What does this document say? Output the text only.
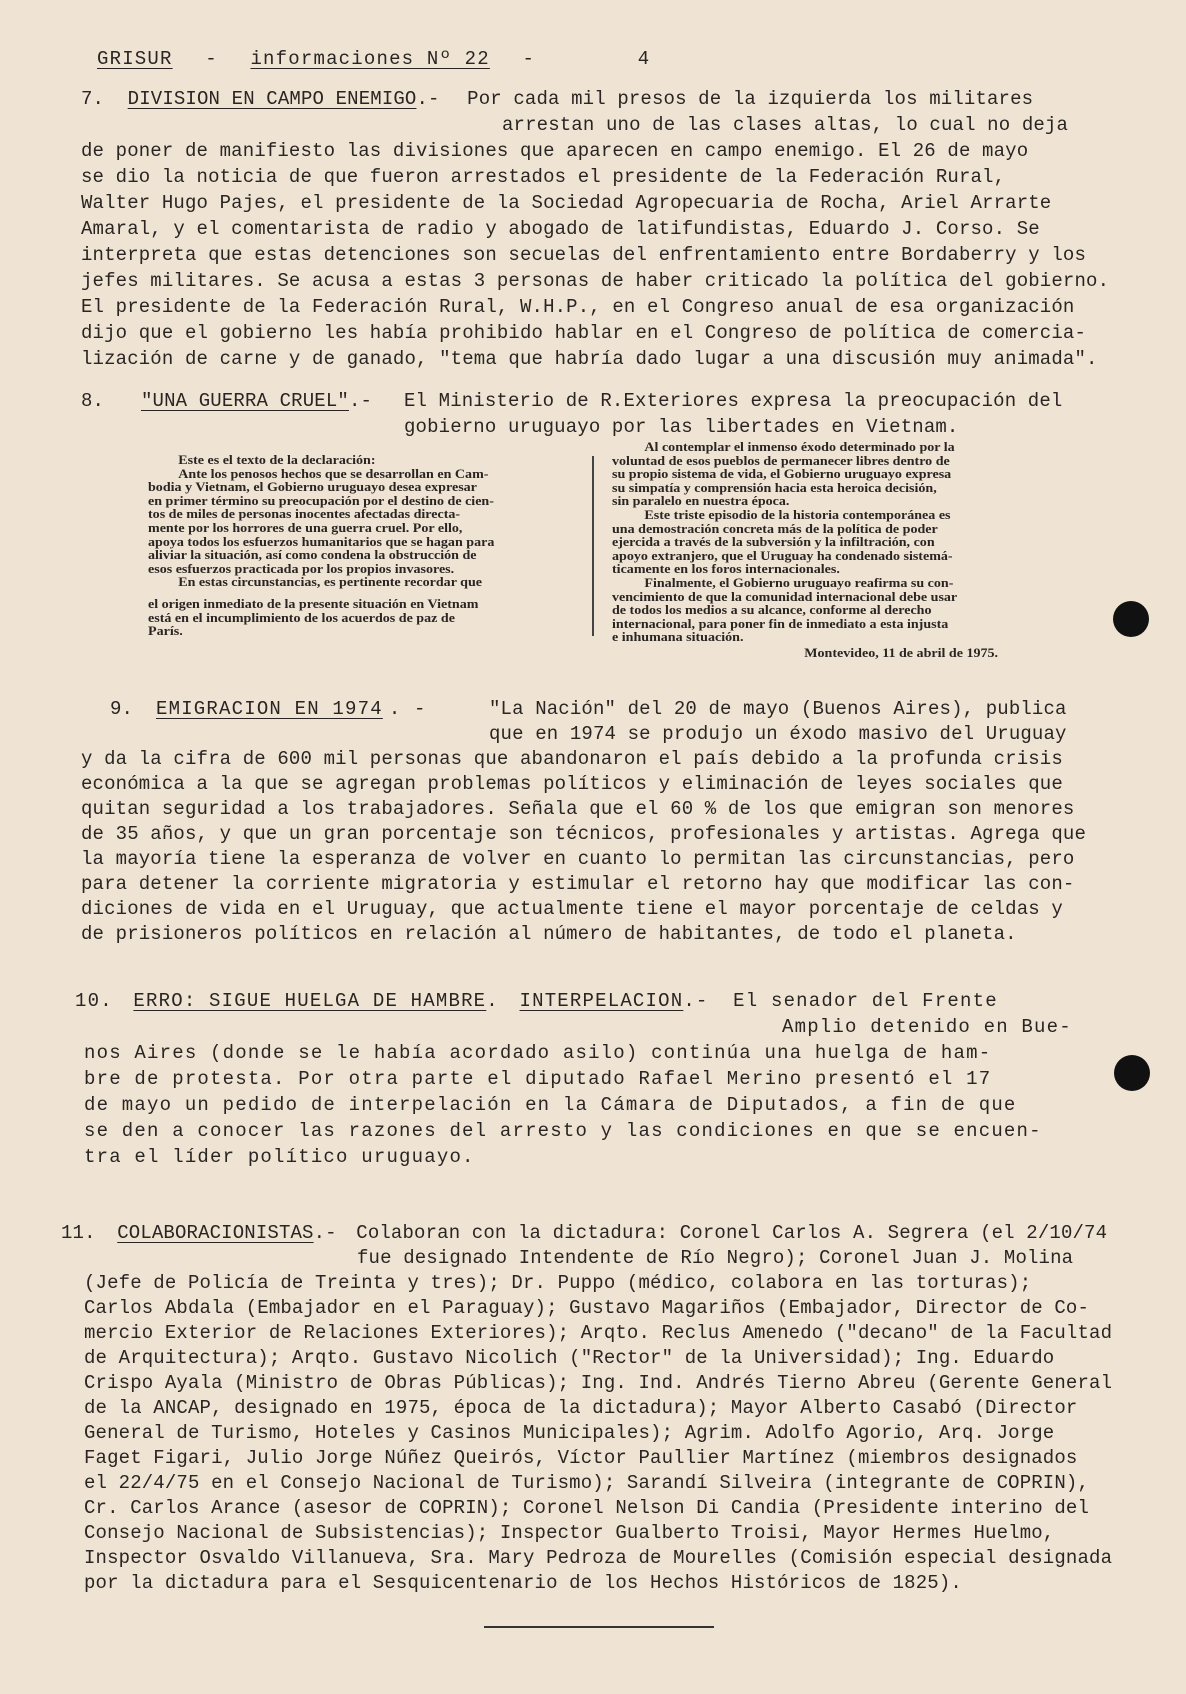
GRISUR - informaciones Nº 22 -	4
7. DIVISION EN CAMPO ENEMIGO.- Por cada mil presos de la izquierda los militares
arrestan uno de las clases altas, lo cual no deja
de poner de manifiesto las divisiones que aparecen en campo enemigo. El 26 de mayo
se dio la noticia de que fueron arrestados el presidente de la Federación Rural,
Walter Hugo Pajes, el presidente de la Sociedad Agropecuaria de Rocha, Ariel Arrarte
Amaral, y el comentarista de radio y abogado de latifundistas, Eduardo J. Corso. Se
interpreta que estas detenciones son secuelas del enfrentamiento entre Bordaberry y los
jefes militares. Se acusa a estas 3 personas de haber criticado la política del gobierno.
El presidente de la Federación Rural, W.H.P., en el Congreso anual de esa organización
dijo que el gobierno les había prohibido hablar en el Congreso de política de comercia-
lización de carne y de ganado, "tema que habría dado lugar a una discusión muy animada".
8. "UNA GUERRA CRUEL".- El Ministerio de R.Exteriores expresa la preocupación del
gobierno uruguayo por las libertades en Vietnam.
Este es el texto de la declaración:
Ante los penosos hechos que se desarrollan en Cam-
bodia y Vietnam, el Gobierno uruguayo desea expresar
en primer término su preocupación por el destino de cien-
tos de miles de personas inocentes afectadas directa-
mente por los horrores de una guerra cruel. Por ello,
apoya todos los esfuerzos humanitarios que se hagan para
aliviar la situación, así como condena la obstrucción de
esos esfuerzos practicada por los propios invasores.
En estas circunstancias, es pertinente recordar que
el origen inmediato de la presente situación en Vietnam
está en el incumplimiento de los acuerdos de paz de
París.
Al contemplar el inmenso éxodo determinado por la
voluntad de esos pueblos de permanecer libres dentro de
su propio sistema de vida, el Gobierno uruguayo expresa
su simpatía y comprensión hacia esta heroica decisión,
sin paralelo en nuestra época.
Este triste episodio de la historia contemporánea es
una demostración concreta más de la política de poder
ejercida a través de la subversión y la infiltración, con
apoyo extranjero, que el Uruguay ha condenado sistemá-
ticamente en los foros internacionales.
Finalmente, el Gobierno uruguayo reafirma su con-
vencimiento de que la comunidad internacional debe usar
de todos los medios a su alcance, conforme al derecho
internacional, para poner fin de inmediato a esta injusta
e inhumana situación.
Montevideo, 11 de abril de 1975.
9. EMIGRACION EN 1974 . -	"La Nación" del 20 de mayo (Buenos Aires), publica
que en 1974 se produjo un éxodo masivo del Uruguay
y da la cifra de 600 mil personas que abandonaron el país debido a la profunda crisis
económica a la que se agregan problemas políticos y eliminación de leyes sociales que
quitan seguridad a los trabajadores. Señala que el 60 % de los que emigran son menores
de 35 años, y que un gran porcentaje son técnicos, profesionales y artistas. Agrega que
la mayoría tiene la esperanza de volver en cuanto lo permitan las circunstancias, pero
para detener la corriente migratoria y estimular el retorno hay que modificar las con-
diciones de vida en el Uruguay, que actualmente tiene el mayor porcentaje de celdas y
de prisioneros políticos en relación al número de habitantes, de todo el planeta.
10. ERRO: SIGUE HUELGA DE HAMBRE. INTERPELACION.- El senador del Frente
Amplio detenido en Bue-
nos Aires (donde se le había acordado asilo) continúa una huelga de ham-
bre de protesta. Por otra parte el diputado Rafael Merino presentó el 17
de mayo un pedido de interpelación en la Cámara de Diputados, a fin de que
se den a conocer las razones del arresto y las condiciones en que se encuen-
tra el líder político uruguayo.
11. COLABORACIONISTAS.- Colaboran con la dictadura: Coronel Carlos A. Segrera (el 2/10/74
fue designado Intendente de Río Negro); Coronel Juan J. Molina
(Jefe de Policía de Treinta y tres); Dr. Puppo (médico, colabora en las torturas);
Carlos Abdala (Embajador en el Paraguay); Gustavo Magariños (Embajador, Director de Co-
mercio Exterior de Relaciones Exteriores); Arqto. Reclus Amenedo ("decano" de la Facultad
de Arquitectura); Arqto. Gustavo Nicolich ("Rector" de la Universidad); Ing. Eduardo
Crispo Ayala (Ministro de Obras Públicas); Ing. Ind. Andrés Tierno Abreu (Gerente General
de la ANCAP, designado en 1975, época de la dictadura); Mayor Alberto Casabó (Director
General de Turismo, Hoteles y Casinos Municipales); Agrim. Adolfo Agorio, Arq. Jorge
Faget Figari, Julio Jorge Núñez Queirós, Víctor Paullier Martínez (miembros designados
el 22/4/75 en el Consejo Nacional de Turismo); Sarandí Silveira (integrante de COPRIN),
Cr. Carlos Arance (asesor de COPRIN); Coronel Nelson Di Candia (Presidente interino del
Consejo Nacional de Subsistencias); Inspector Gualberto Troisi, Mayor Hermes Huelmo,
Inspector Osvaldo Villanueva, Sra. Mary Pedroza de Mourelles (Comisión especial designada
por la dictadura para el Sesquicentenario de los Hechos Históricos de 1825).
